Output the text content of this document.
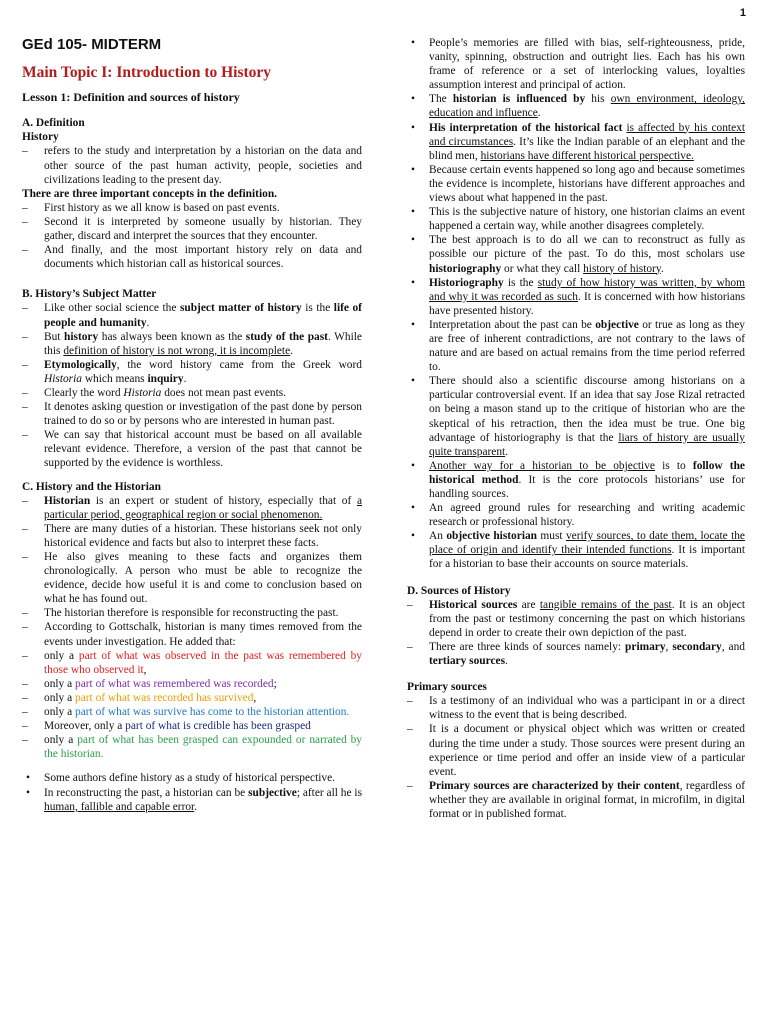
1
GEd 105- MIDTERM
Main Topic I: Introduction to History
Lesson 1: Definition and sources of history
A. Definition
History
– refers to the study and interpretation by a historian on the data and other source of the past human activity, people, societies and civilizations leading to the present day.
There are three important concepts in the definition.
– First history as we all know is based on past events.
– Second it is interpreted by someone usually by historian. They gather, discard and interpret the sources that they encounter.
– And finally, and the most important history rely on data and documents which historian call as historical sources.
B. History’s Subject Matter
– Like other social science the subject matter of history is the life of people and humanity.
– But history has always been known as the study of the past. While this definition of history is not wrong, it is incomplete.
– Etymologically, the word history came from the Greek word Historia which means inquiry.
– Clearly the word Historia does not mean past events.
– It denotes asking question or investigation of the past done by person trained to do so or by persons who are interested in human past.
– We can say that historical account must be based on all available relevant evidence. Therefore, a version of the past that cannot be supported by the evidence is worthless.
C. History and the Historian
– Historian is an expert or student of history, especially that of a particular period, geographical region or social phenomenon.
– There are many duties of a historian. These historians seek not only historical evidence and facts but also to interpret these facts.
– He also gives meaning to these facts and organizes them chronologically. A person who must be able to recognize the evidence, decide how useful it is and come to conclusion based on what he has found out.
– The historian therefore is responsible for reconstructing the past.
– According to Gottschalk, historian is many times removed from the events under investigation. He added that:
– only a part of what was observed in the past was remembered by those who observed it,
– only a part of what was remembered was recorded;
– only a part of what was recorded has survived,
– only a part of what was survive has come to the historian attention.
– Moreover, only a part of what is credible has been grasped
– only a part of what has been grasped can expounded or narrated by the historian.
• Some authors define history as a study of historical perspective.
• In reconstructing the past, a historian can be subjective; after all he is human, fallible and capable error.
• People’s memories are filled with bias, self-righteousness, pride, vanity, spinning, obstruction and outright lies. Each has his own frame of reference or a set of interlocking values, loyalties assumption interest and principal of action.
• The historian is influenced by his own environment, ideology, education and influence.
• His interpretation of the historical fact is affected by his context and circumstances. It’s like the Indian parable of an elephant and the blind men, historians have different historical perspective.
• Because certain events happened so long ago and because sometimes the evidence is incomplete, historians have different approaches and views about what happened in the past.
• This is the subjective nature of history, one historian claims an event happened a certain way, while another disagrees completely.
• The best approach is to do all we can to reconstruct as fully as possible our picture of the past. To do this, most scholars use historiography or what they call history of history.
• Historiography is the study of how history was written, by whom and why it was recorded as such. It is concerned with how historians have presented history.
• Interpretation about the past can be objective or true as long as they are free of inherent contradictions, are not contrary to the laws of nature and are based on actual remains from the time period referred to.
• There should also a scientific discourse among historians on a particular controversial event. If an idea that say Jose Rizal retracted on being a mason stand up to the critique of historian who are the skeptical of his retraction, then the idea must be true. One big advantage of historiography is that the liars of history are usually quite transparent.
• Another way for a historian to be objective is to follow the historical method. It is the core protocols historians’ use for handling sources.
• An agreed ground rules for researching and writing academic research or professional history.
• An objective historian must verify sources, to date them, locate the place of origin and identify their intended functions. It is important for a historian to base their accounts on source materials.
D. Sources of History
– Historical sources are tangible remains of the past. It is an object from the past or testimony concerning the past on which historians depend in order to create their own depiction of the past.
– There are three kinds of sources namely: primary, secondary, and tertiary sources.
Primary sources
– Is a testimony of an individual who was a participant in or a direct witness to the event that is being described.
– It is a document or physical object which was written or created during the time under a study. Those sources were present during an experience or time period and offer an inside view of a particular event.
– Primary sources are characterized by their content, regardless of whether they are available in original format, in microfilm, in digital format or in published format.
